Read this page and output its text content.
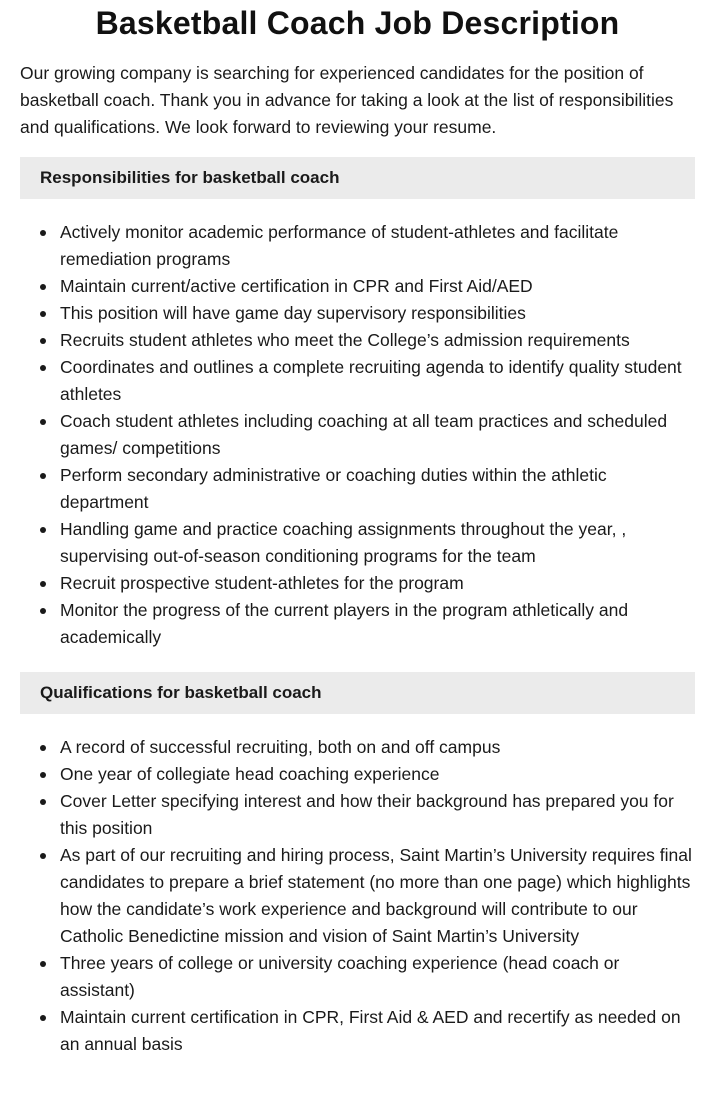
Basketball Coach Job Description

Our growing company is searching for experienced candidates for the position of basketball coach. Thank you in advance for taking a look at the list of responsibilities and qualifications. We look forward to reviewing your resume.

Responsibilities for basketball coach
Actively monitor academic performance of student-athletes and facilitate remediation programs
Maintain current/active certification in CPR and First Aid/AED
This position will have game day supervisory responsibilities
Recruits student athletes who meet the College’s admission requirements
Coordinates and outlines a complete recruiting agenda to identify quality student athletes
Coach student athletes including coaching at all team practices and scheduled games/ competitions
Perform secondary administrative or coaching duties within the athletic department
Handling game and practice coaching assignments throughout the year, , supervising out-of-season conditioning programs for the team
Recruit prospective student-athletes for the program
Monitor the progress of the current players in the program athletically and academically
Qualifications for basketball coach
A record of successful recruiting, both on and off campus
One year of collegiate head coaching experience
Cover Letter specifying interest and how their background has prepared you for this position
As part of our recruiting and hiring process, Saint Martin’s University requires final candidates to prepare a brief statement (no more than one page) which highlights how the candidate’s work experience and background will contribute to our Catholic Benedictine mission and vision of Saint Martin’s University
Three years of college or university coaching experience (head coach or assistant)
Maintain current certification in CPR, First Aid & AED and recertify as needed on an annual basis
